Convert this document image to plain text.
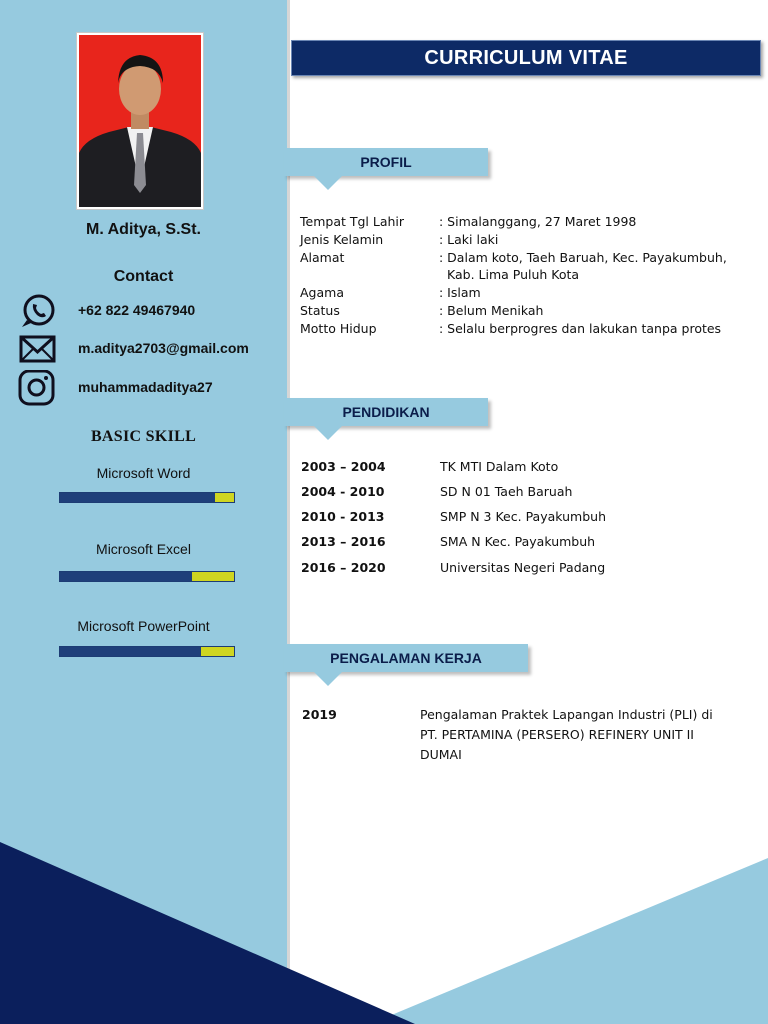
M. Aditya, S.St.
Contact
+62 822 49467940
m.aditya2703@gmail.com
muhammadaditya27
BASIC SKILL
Microsoft Word
Microsoft Excel
Microsoft PowerPoint
CURRICULUM VITAE
PROFIL
Tempat Tgl Lahir	: Simalanggang, 27 Maret 1998
Jenis Kelamin	: Laki laki
Alamat	: Dalam koto, Taeh Baruah, Kec. Payakumbuh,
Kab. Lima Puluh Kota
Agama	: Islam
Status	: Belum Menikah
Motto Hidup	: Selalu berprogres dan lakukan tanpa protes
PENDIDIKAN
2003 – 2004	TK MTI Dalam Koto
2004 - 2010	SD N 01 Taeh Baruah
2010 - 2013	SMP N 3 Kec. Payakumbuh
2013 – 2016	SMA N Kec. Payakumbuh
2016 – 2020	Universitas Negeri Padang
PENGALAMAN KERJA
2019	Pengalaman Praktek Lapangan Industri (PLI) di
PT. PERTAMINA (PERSERO) REFINERY UNIT II
DUMAI
